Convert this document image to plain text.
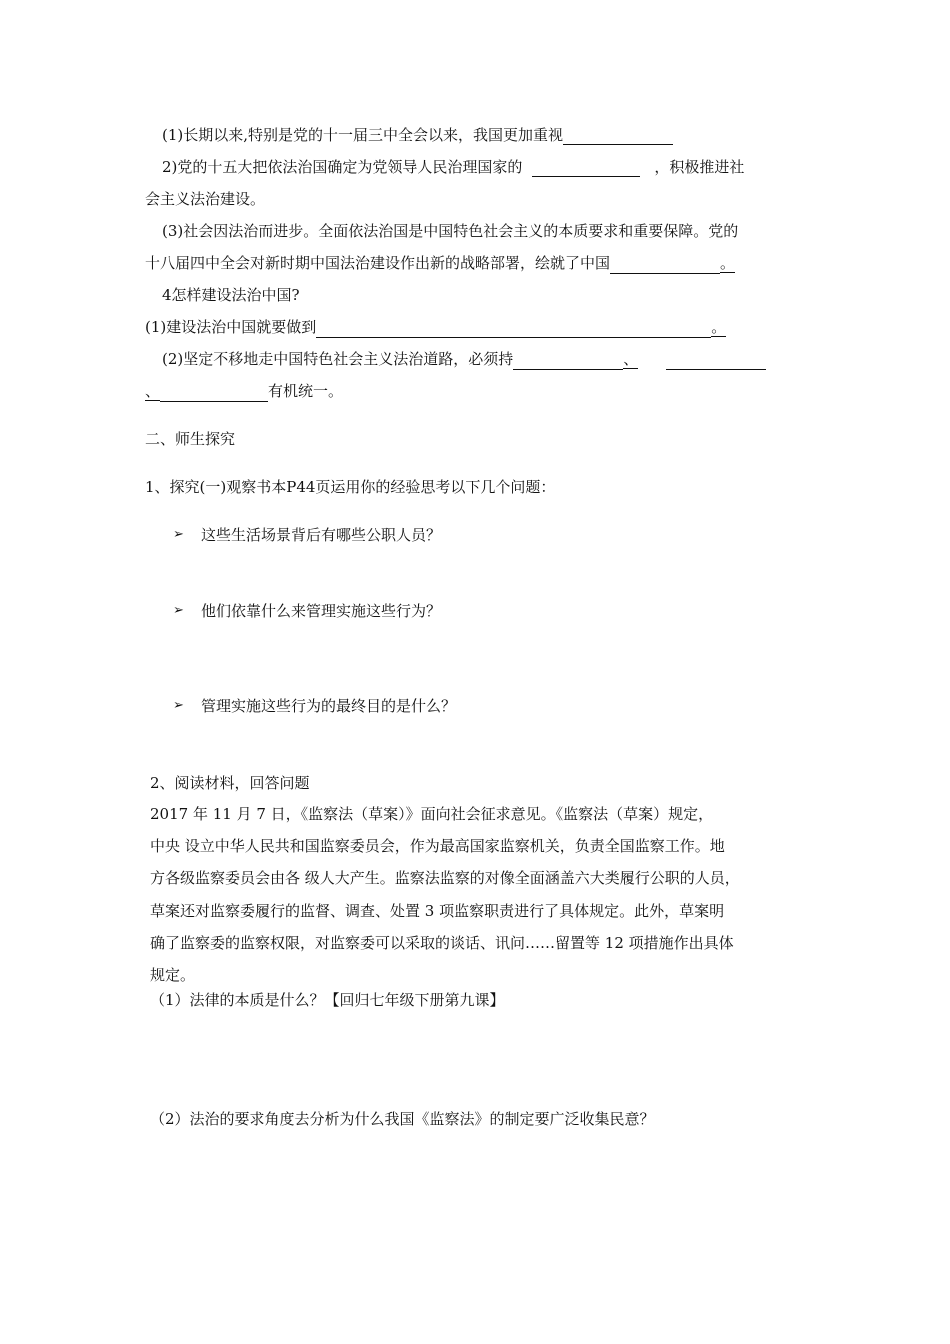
(1)长期以来,特别是党的十一届三中全会以来，我国更加重视
2)党的十五大把依法治国确定为党领导人民治理国家的	，积极推进社
会主义法治建设。
(3)社会因法治而进步。全面依法治国是中国特色社会主义的本质要求和重要保障。党的
十八届四中全会对新时期中国法治建设作出新的战略部署，绘就了中国	。
4怎样建设法治中国?
(1)建设法治中国就要做到	。
(2)坚定不移地走中国特色社会主义法治道路，必须持	、
、	有机统一。
二、师生探究
1、探究(一)观察书本P44页运用你的经验思考以下几个问题：
➢ 这些生活场景背后有哪些公职人员？
➢ 他们依靠什么来管理实施这些行为？
➢ 管理实施这些行为的最终目的是什么？
2、阅读材料，回答问题
2017 年 11 月 7 日，《监察法（草案）》面向社会征求意见。《监察法（草案）规定，
中央 设立中华人民共和国监察委员会，作为最高国家监察机关，负责全国监察工作。地
方各级监察委员会由各 级人大产生。监察法监察的对像全面涵盖六大类履行公职的人员，
草案还对监察委履行的监督、调查、处置 3 项监察职责进行了具体规定。此外，草案明
确了监察委的监察权限，对监察委可以采取的谈话、讯问……留置等 12 项措施作出具体
规定。
（1）法律的本质是什么？【回归七年级下册第九课】
（2）法治的要求角度去分析为什么我国《监察法》的制定要广泛收集民意？
